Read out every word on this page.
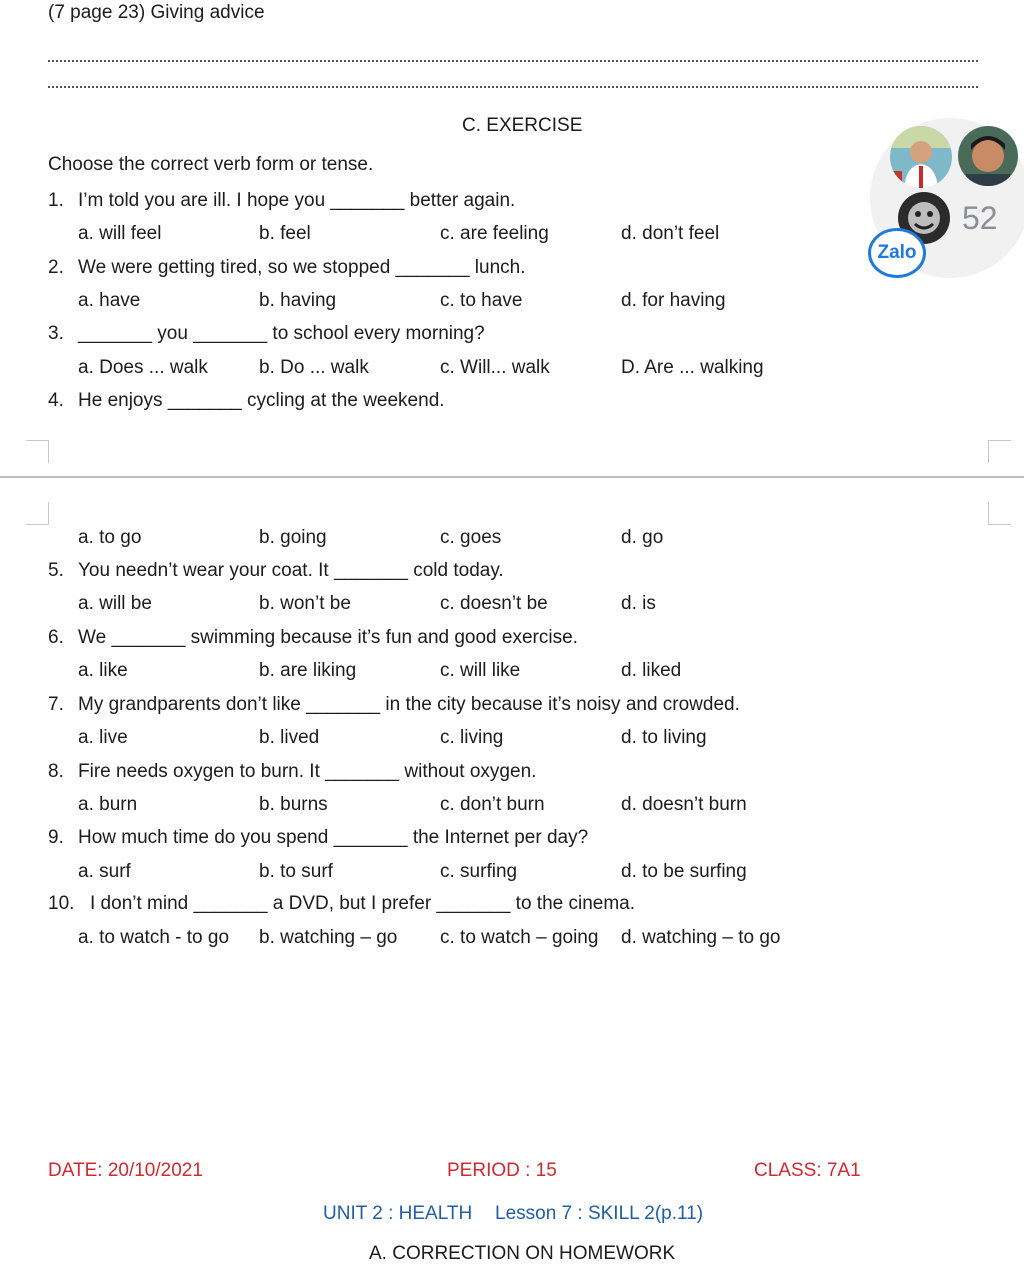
(7 page 23) Giving advice
C. EXERCISE
Choose the correct verb form or tense.
1. I’m told you are ill. I hope you _______ better again.
a. will feel	b. feel	c. are feeling	d. don’t feel
2. We were getting tired, so we stopped _______ lunch.
a. have	b. having	c. to have	d. for having
3. _______ you _______ to school every morning?
a. Does ... walk	b. Do ... walk	c. Will... walk	D. Are ... walking
4. He enjoys _______ cycling at the weekend.
a. to go	b. going	c. goes	d. go
5. You needn’t wear your coat. It _______ cold today.
a. will be	b. won’t be	c. doesn’t be	d. is
6. We _______ swimming because it’s fun and good exercise.
a. like	b. are liking	c. will like	d. liked
7. My grandparents don’t like _______ in the city because it’s noisy and crowded.
a. live	b. lived	c. living	d. to living
8. Fire needs oxygen to burn. It _______ without oxygen.
a. burn	b. burns	c. don’t burn	d. doesn’t burn
9. How much time do you spend _______ the Internet per day?
a. surf	b. to surf	c. surfing	d. to be surfing
10. I don’t mind _______ a DVD, but I prefer _______ to the cinema.
a. to watch - to go b. watching – go c. to watch – going d. watching – to go
DATE: 20/10/2021	PERIOD : 15	CLASS: 7A1
UNIT 2 : HEALTH Lesson 7 : SKILL 2(p.11)
A. CORRECTION ON HOMEWORK
52
Zalo
